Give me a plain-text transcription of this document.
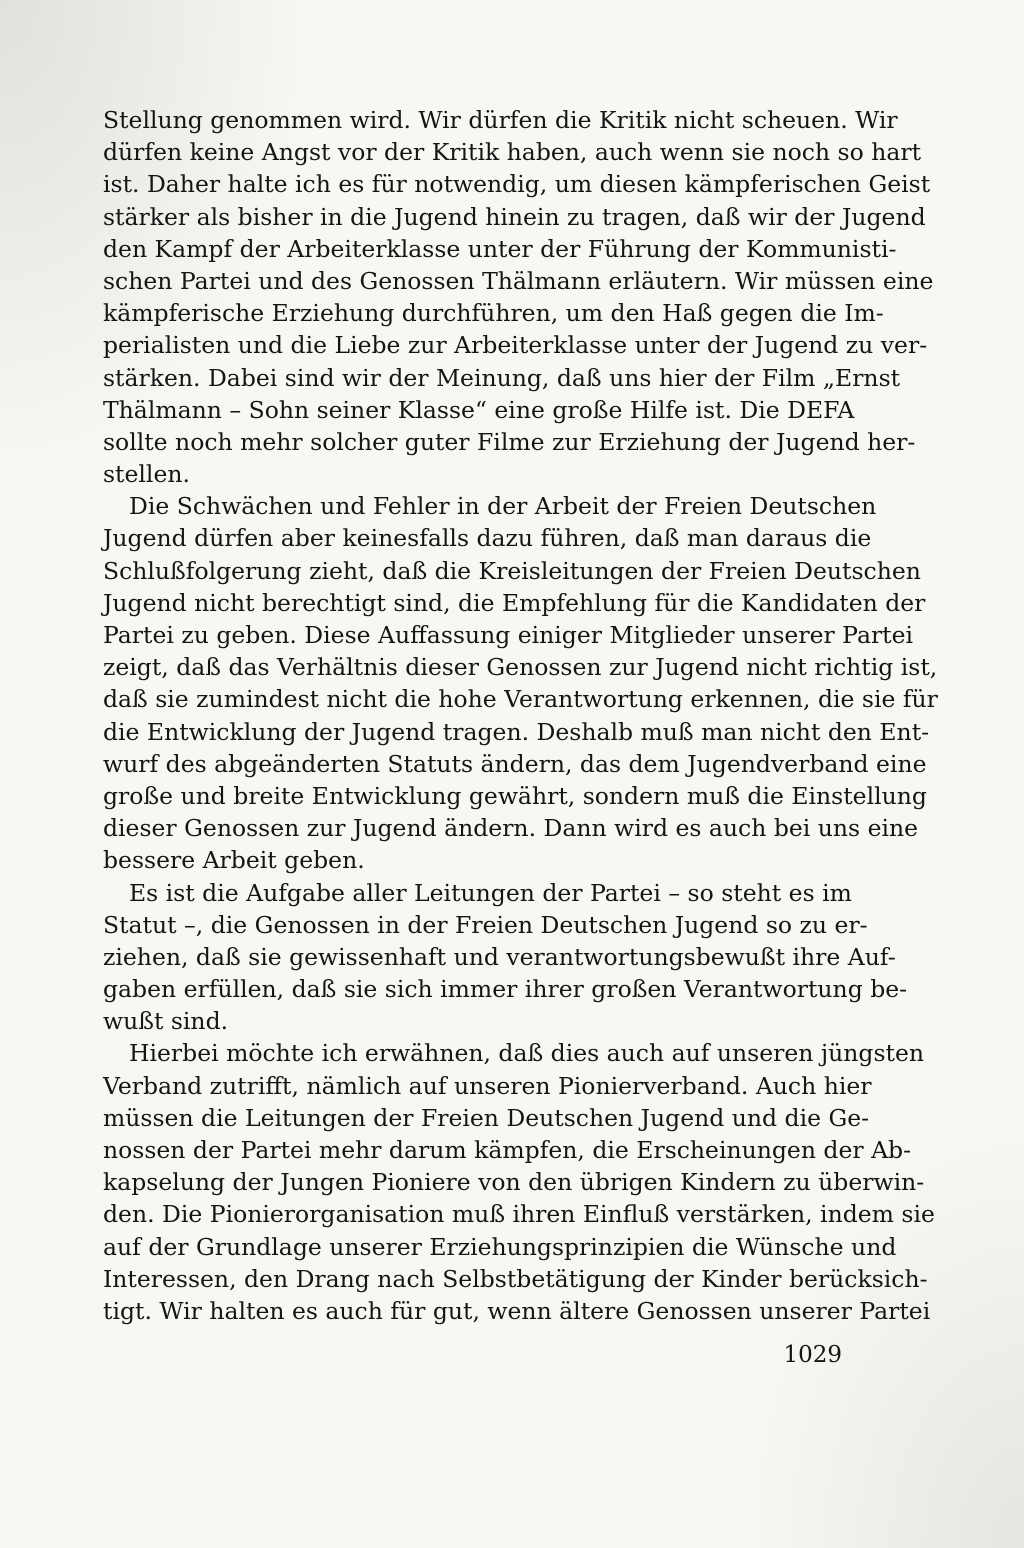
Stellung genommen wird. Wir dürfen die Kritik nicht scheuen. Wir
dürfen keine Angst vor der Kritik haben, auch wenn sie noch so hart
ist. Daher halte ich es für notwendig, um diesen kämpferischen Geist
stärker als bisher in die Jugend hinein zu tragen, daß wir der Jugend
den Kampf der Arbeiterklasse unter der Führung der Kommunisti-
schen Partei und des Genossen Thälmann erläutern. Wir müssen eine
kämpferische Erziehung durchführen, um den Haß gegen die Im-
perialisten und die Liebe zur Arbeiterklasse unter der Jugend zu ver-
stärken. Dabei sind wir der Meinung, daß uns hier der Film „Ernst
Thälmann – Sohn seiner Klasse“ eine große Hilfe ist. Die DEFA
sollte noch mehr solcher guter Filme zur Erziehung der Jugend her-
stellen.
Die Schwächen und Fehler in der Arbeit der Freien Deutschen
Jugend dürfen aber keinesfalls dazu führen, daß man daraus die
Schlußfolgerung zieht, daß die Kreisleitungen der Freien Deutschen
Jugend nicht berechtigt sind, die Empfehlung für die Kandidaten der
Partei zu geben. Diese Auffassung einiger Mitglieder unserer Partei
zeigt, daß das Verhältnis dieser Genossen zur Jugend nicht richtig ist,
daß sie zumindest nicht die hohe Verantwortung erkennen, die sie für
die Entwicklung der Jugend tragen. Deshalb muß man nicht den Ent-
wurf des abgeänderten Statuts ändern, das dem Jugendverband eine
große und breite Entwicklung gewährt, sondern muß die Einstellung
dieser Genossen zur Jugend ändern. Dann wird es auch bei uns eine
bessere Arbeit geben.
Es ist die Aufgabe aller Leitungen der Partei – so steht es im
Statut –, die Genossen in der Freien Deutschen Jugend so zu er-
ziehen, daß sie gewissenhaft und verantwortungsbewußt ihre Auf-
gaben erfüllen, daß sie sich immer ihrer großen Verantwortung be-
wußt sind.
Hierbei möchte ich erwähnen, daß dies auch auf unseren jüngsten
Verband zutrifft, nämlich auf unseren Pionierverband. Auch hier
müssen die Leitungen der Freien Deutschen Jugend und die Ge-
nossen der Partei mehr darum kämpfen, die Erscheinungen der Ab-
kapselung der Jungen Pioniere von den übrigen Kindern zu überwin-
den. Die Pionierorganisation muß ihren Einfluß verstärken, indem sie
auf der Grundlage unserer Erziehungsprinzipien die Wünsche und
Interessen, den Drang nach Selbstbetätigung der Kinder berücksich-
tigt. Wir halten es auch für gut, wenn ältere Genossen unserer Partei
1029
